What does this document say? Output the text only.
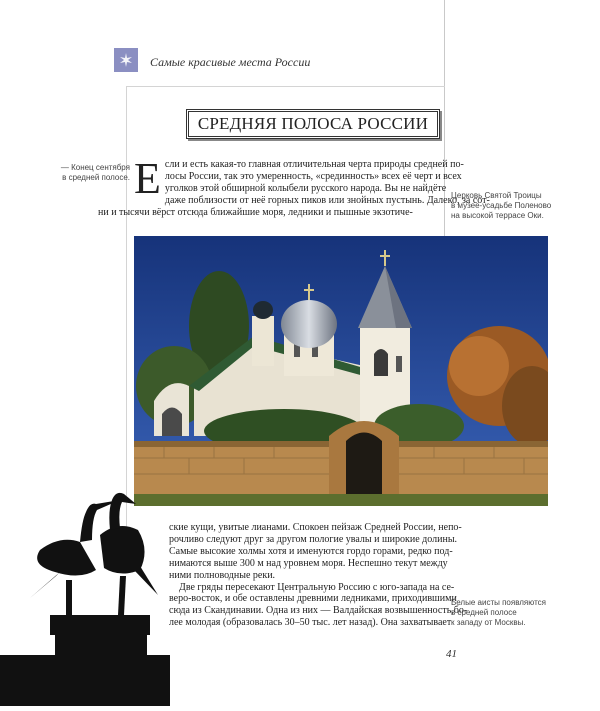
Самые красивые места России
СРЕДНЯЯ ПОЛОСА РОССИИ
— Конец сентября
в средней полосе.
Церковь Святой Троицы
в музее-усадьбе Поленово
на высокой террасе Оки.
Е сли и есть какая-то главная отличительная черта природы средней по-
лосы России, так это умеренность, «срединность» всех её черт и всех
уголков этой обширной колыбели русского народа. Вы не найдёте
даже поблизости от неё горных пиков или знойных пустынь. Далеко, за сот-
ни и тысячи вёрст отсюда ближайшие моря, ледники и пышные экзотиче-
ские кущи, увитые лианами. Спокоен пейзаж Средней России, непо-
рочливо следуют друг за другом пологие увалы и широкие долины.
Самые высокие холмы хотя и именуются гордо горами, редко под-
нимаются выше 300 м над уровнем моря. Неспешно текут между
ними полноводные реки.
Две гряды пересекают Центральную Россию с юго-запада на се-
веро-восток, и обе оставлены древними ледниками, приходившими
сюда из Скандинавии. Одна из них — Валдайская возвышенность,бо-
лее молодая (образовалась 30–50 тыс. лет назад). Она захватывает
Белые аисты появляются
в средней полосе
к западу от Москвы.
41
